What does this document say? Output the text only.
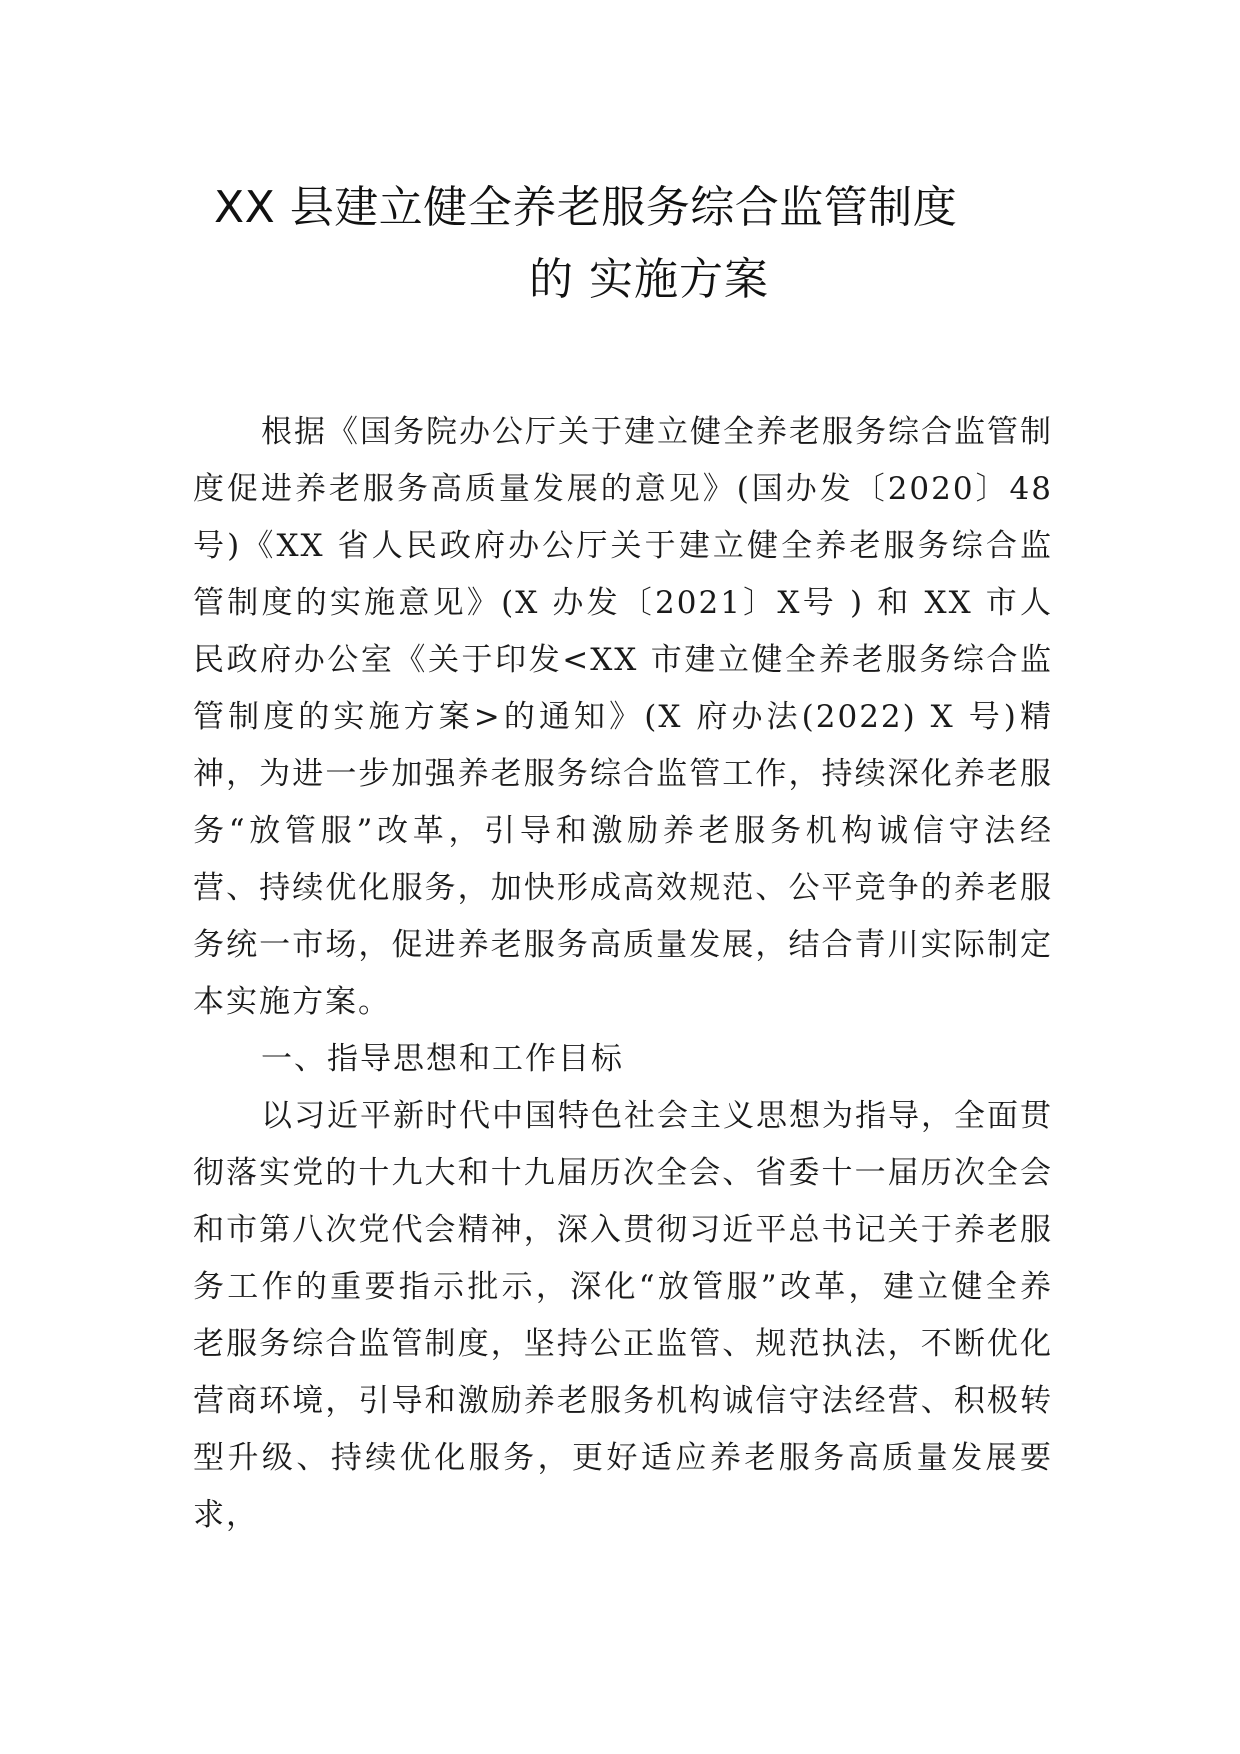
XX 县建立健全养老服务综合监管制度
的 实施方案

根据《国务院办公厅关于建立健全养老服务综合监管制度促进养老服务高质量发展的意见》(国办发〔2020〕48号)《XX 省人民政府办公厅关于建立健全养老服务综合监管制度的实施意见》(X 办发〔2021〕X号 ) 和 XX 市人民政府办公室《关于印发<XX 市建立健全养老服务综合监管制度的实施方案>的通知》(X 府办法(2022) X 号)精神，为进一步加强养老服务综合监管工作，持续深化养老服务“放管服”改革，引导和激励养老服务机构诚信守法经营、持续优化服务，加快形成高效规范、公平竞争的养老服务统一市场，促进养老服务高质量发展，结合青川实际制定本实施方案。

一、指导思想和工作目标

以习近平新时代中国特色社会主义思想为指导，全面贯彻落实党的十九大和十九届历次全会、省委十一届历次全会和市第八次党代会精神，深入贯彻习近平总书记关于养老服务工作的重要指示批示，深化“放管服”改革，建立健全养老服务综合监管制度，坚持公正监管、规范执法，不断优化营商环境，引导和激励养老服务机构诚信守法经营、积极转型升级、持续优化服务，更好适应养老服务高质量发展要求，
